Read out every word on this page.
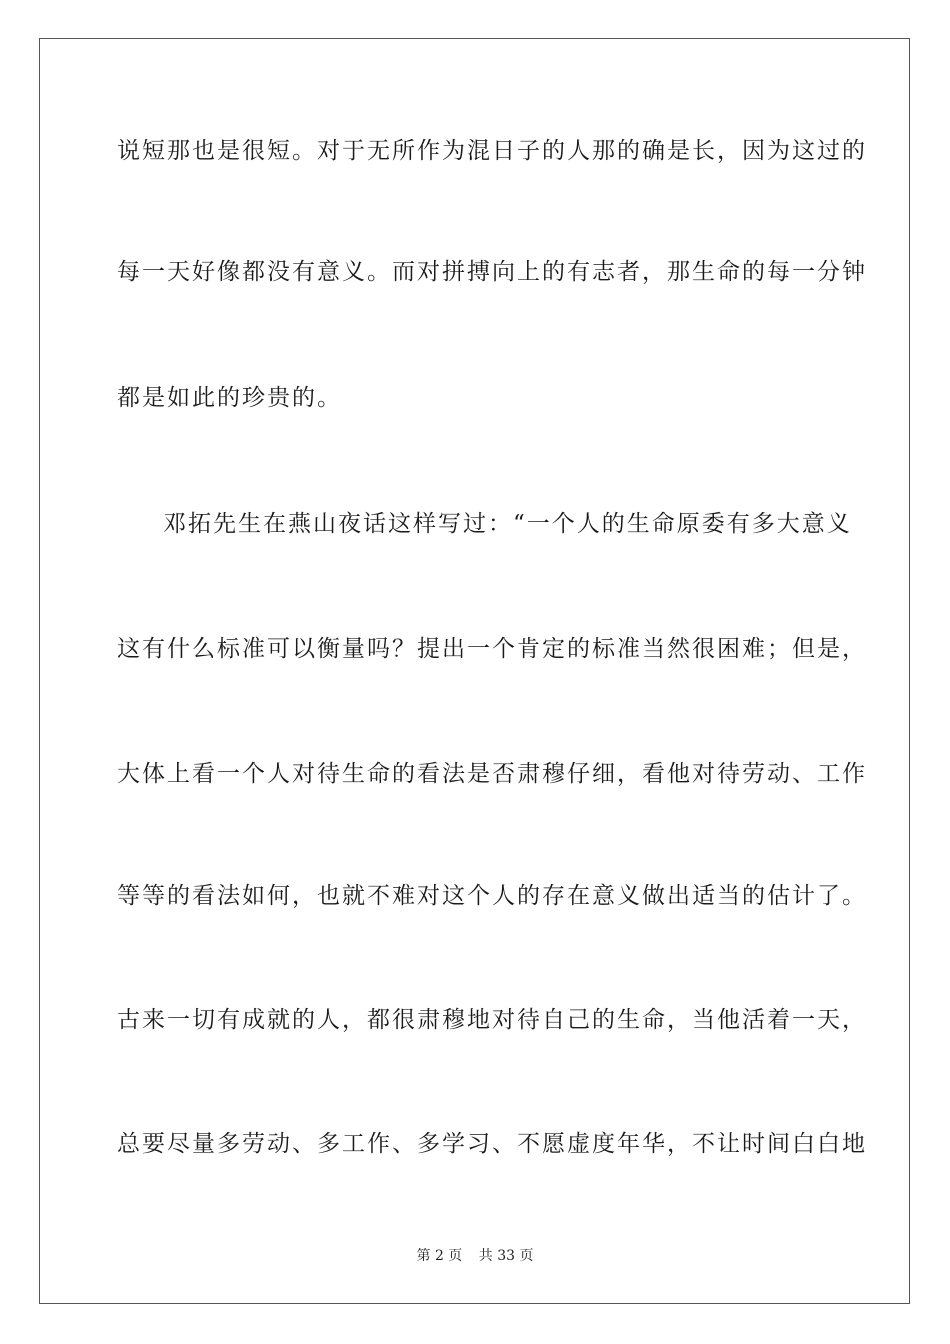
说短那也是很短。对于无所作为混日子的人那的确是长，因为这过的
每一天好像都没有意义。而对拼搏向上的有志者，那生命的每一分钟
都是如此的珍贵的。
邓拓先生在燕山夜话这样写过：“一个人的生命原委有多大意义
这有什么标准可以衡量吗？提出一个肯定的标准当然很困难；但是，
大体上看一个人对待生命的看法是否肃穆仔细，看他对待劳动、工作
等等的看法如何，也就不难对这个人的存在意义做出适当的估计了。
古来一切有成就的人，都很肃穆地对待自己的生命，当他活着一天，
总要尽量多劳动、多工作、多学习、不愿虚度年华，不让时间白白地
第 2 页 共 33 页
